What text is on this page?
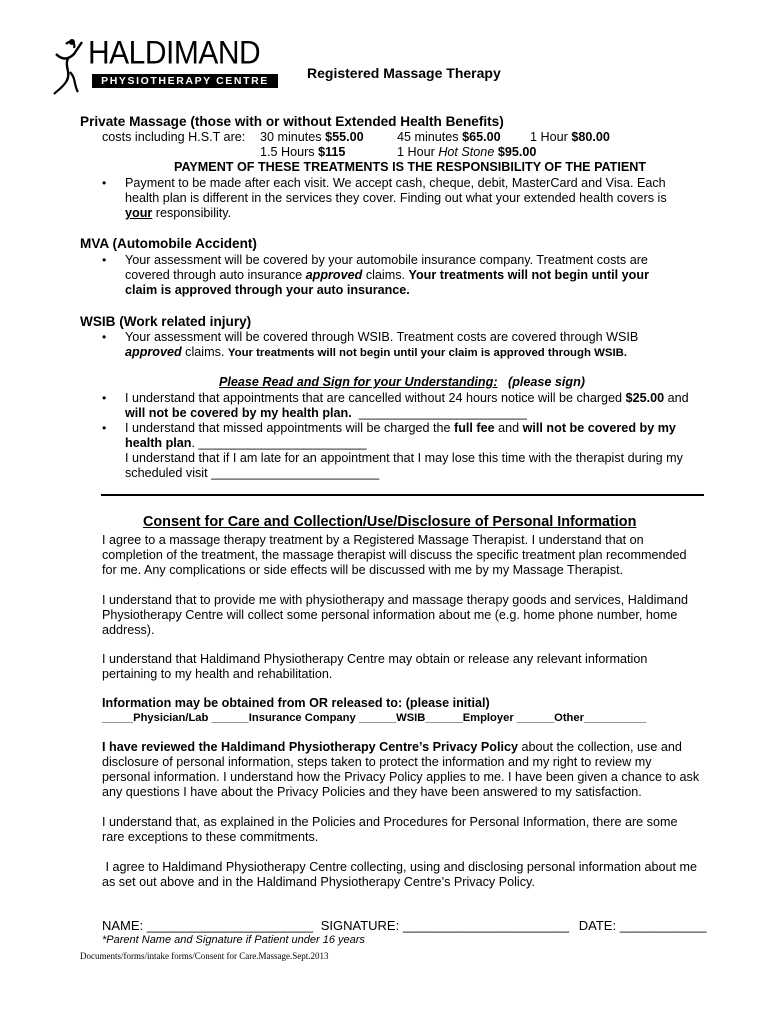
HALDIMAND
PHYSIOTHERAPY CENTRE	Registered Massage Therapy
Private Massage (those with or without Extended Health Benefits)
costs including H.S.T are: 30 minutes $55.00	45 minutes $65.00 1 Hour $80.00
1.5 Hours $115	1 Hour Hot Stone $95.00
PAYMENT OF THESE TREATMENTS IS THE RESPONSIBILITY OF THE PATIENT
• Payment to be made after each visit. We accept cash, cheque, debit, MasterCard and Visa. Each
health plan is different in the services they cover. Finding out what your extended health covers is
your responsibility.
MVA (Automobile Accident)
• Your assessment will be covered by your automobile insurance company. Treatment costs are
covered through auto insurance approved claims. Your treatments will not begin until your
claim is approved through your auto insurance.
WSIB (Work related injury)
• Your assessment will be covered through WSIB. Treatment costs are covered through WSIB
approved claims. Your treatments will not begin until your claim is approved through WSIB.
Please Read and Sign for your Understanding: (please sign)
• I understand that appointments that are cancelled without 24 hours notice will be charged $25.00 and
will not be covered by my health plan. ________________________
• I understand that missed appointments will be charged the full fee and will not be covered by my
health plan. ________________________
I understand that if I am late for an appointment that I may lose this time with the therapist during my
scheduled visit ________________________
Consent for Care and Collection/Use/Disclosure of Personal Information
I agree to a massage therapy treatment by a Registered Massage Therapist. I understand that on
completion of the treatment, the massage therapist will discuss the specific treatment plan recommended
for me. Any complications or side effects will be discussed with me by my Massage Therapist.
I understand that to provide me with physiotherapy and massage therapy goods and services, Haldimand
Physiotherapy Centre will collect some personal information about me (e.g. home phone number, home
address).
I understand that Haldimand Physiotherapy Centre may obtain or release any relevant information
pertaining to my health and rehabilitation.
Information may be obtained from OR released to: (please initial)
_____Physician/Lab ______Insurance Company ______WSIB______Employer ______Other__________
I have reviewed the Haldimand Physiotherapy Centre’s Privacy Policy about the collection, use and
disclosure of personal information, steps taken to protect the information and my right to review my
personal information. I understand how the Privacy Policy applies to me. I have been given a chance to ask
any questions I have about the Privacy Policies and they have been answered to my satisfaction.
I understand that, as explained in the Policies and Procedures for Personal Information, there are some
rare exceptions to these commitments.
I agree to Haldimand Physiotherapy Centre collecting, using and disclosing personal information about me
as set out above and in the Haldimand Physiotherapy Centre’s Privacy Policy.
NAME: _______________________ SIGNATURE: _______________________ DATE: ____________
*Parent Name and Signature if Patient under 16 years
Documents/forms/intake forms/Consent for Care.Massage.Sept.2013
